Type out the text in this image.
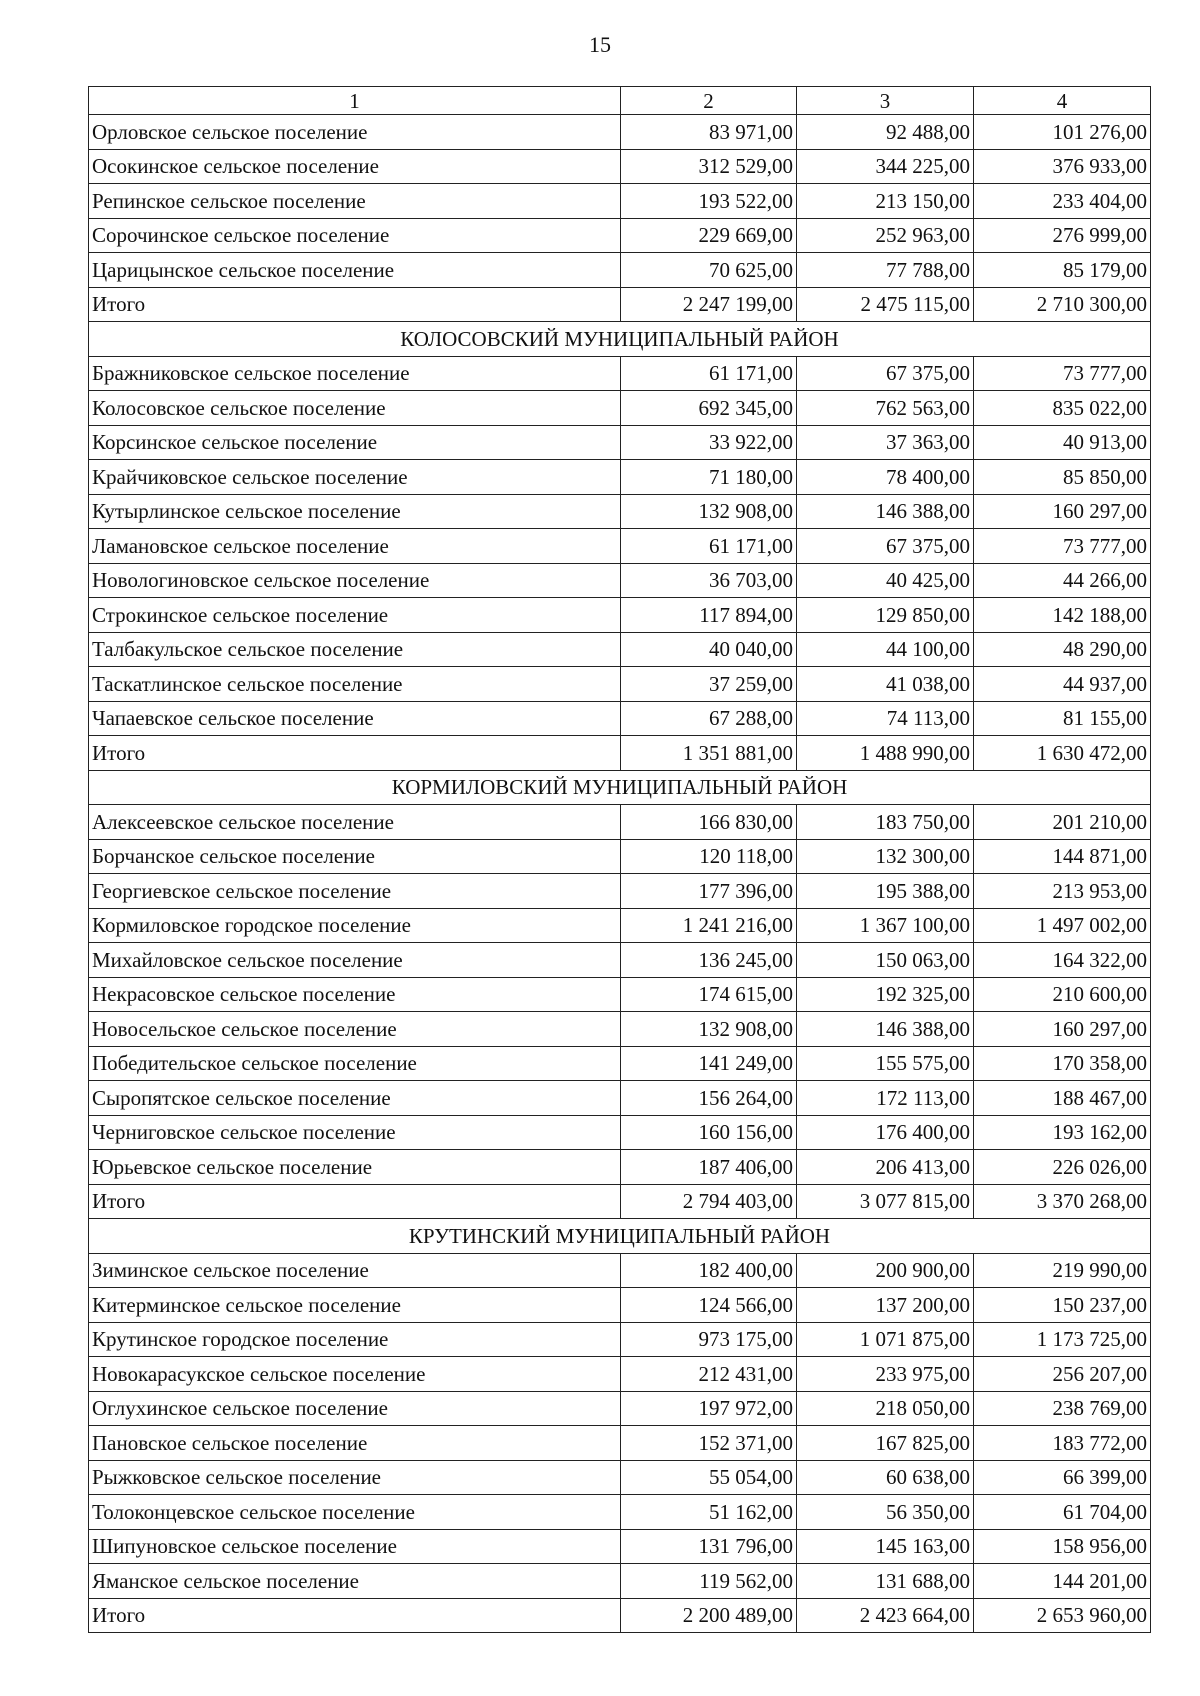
15
1	2	3	4
Орловское сельское поселение	83 971,00	92 488,00	101 276,00
Осокинское сельское поселение	312 529,00	344 225,00	376 933,00
Репинское сельское поселение	193 522,00	213 150,00	233 404,00
Сорочинское сельское поселение	229 669,00	252 963,00	276 999,00
Царицынское сельское поселение	70 625,00	77 788,00	85 179,00
Итого	2 247 199,00	2 475 115,00	2 710 300,00
КОЛОСОВСКИЙ МУНИЦИПАЛЬНЫЙ РАЙОН			
Бражниковское сельское поселение	61 171,00	67 375,00	73 777,00
Колосовское сельское поселение	692 345,00	762 563,00	835 022,00
Корсинское сельское поселение	33 922,00	37 363,00	40 913,00
Крайчиковское сельское поселение	71 180,00	78 400,00	85 850,00
Кутырлинское сельское поселение	132 908,00	146 388,00	160 297,00
Ламановское сельское поселение	61 171,00	67 375,00	73 777,00
Новологиновское сельское поселение	36 703,00	40 425,00	44 266,00
Строкинское сельское поселение	117 894,00	129 850,00	142 188,00
Талбакульское сельское поселение	40 040,00	44 100,00	48 290,00
Таскатлинское сельское поселение	37 259,00	41 038,00	44 937,00
Чапаевское сельское поселение	67 288,00	74 113,00	81 155,00
Итого	1 351 881,00	1 488 990,00	1 630 472,00
КОРМИЛОВСКИЙ МУНИЦИПАЛЬНЫЙ РАЙОН			
Алексеевское сельское поселение	166 830,00	183 750,00	201 210,00
Борчанское сельское поселение	120 118,00	132 300,00	144 871,00
Георгиевское сельское поселение	177 396,00	195 388,00	213 953,00
Кормиловское городское поселение	1 241 216,00	1 367 100,00	1 497 002,00
Михайловское сельское поселение	136 245,00	150 063,00	164 322,00
Некрасовское сельское поселение	174 615,00	192 325,00	210 600,00
Новосельское сельское поселение	132 908,00	146 388,00	160 297,00
Победительское сельское поселение	141 249,00	155 575,00	170 358,00
Сыропятское сельское поселение	156 264,00	172 113,00	188 467,00
Черниговское сельское поселение	160 156,00	176 400,00	193 162,00
Юрьевское сельское поселение	187 406,00	206 413,00	226 026,00
Итого	2 794 403,00	3 077 815,00	3 370 268,00
КРУТИНСКИЙ МУНИЦИПАЛЬНЫЙ РАЙОН			
Зиминское сельское поселение	182 400,00	200 900,00	219 990,00
Китерминское сельское поселение	124 566,00	137 200,00	150 237,00
Крутинское городское поселение	973 175,00	1 071 875,00	1 173 725,00
Новокарасукское сельское поселение	212 431,00	233 975,00	256 207,00
Оглухинское сельское поселение	197 972,00	218 050,00	238 769,00
Пановское сельское поселение	152 371,00	167 825,00	183 772,00
Рыжковское сельское поселение	55 054,00	60 638,00	66 399,00
Толоконцевское сельское поселение	51 162,00	56 350,00	61 704,00
Шипуновское сельское поселение	131 796,00	145 163,00	158 956,00
Яманское сельское поселение	119 562,00	131 688,00	144 201,00
Итого	2 200 489,00	2 423 664,00	2 653 960,00
